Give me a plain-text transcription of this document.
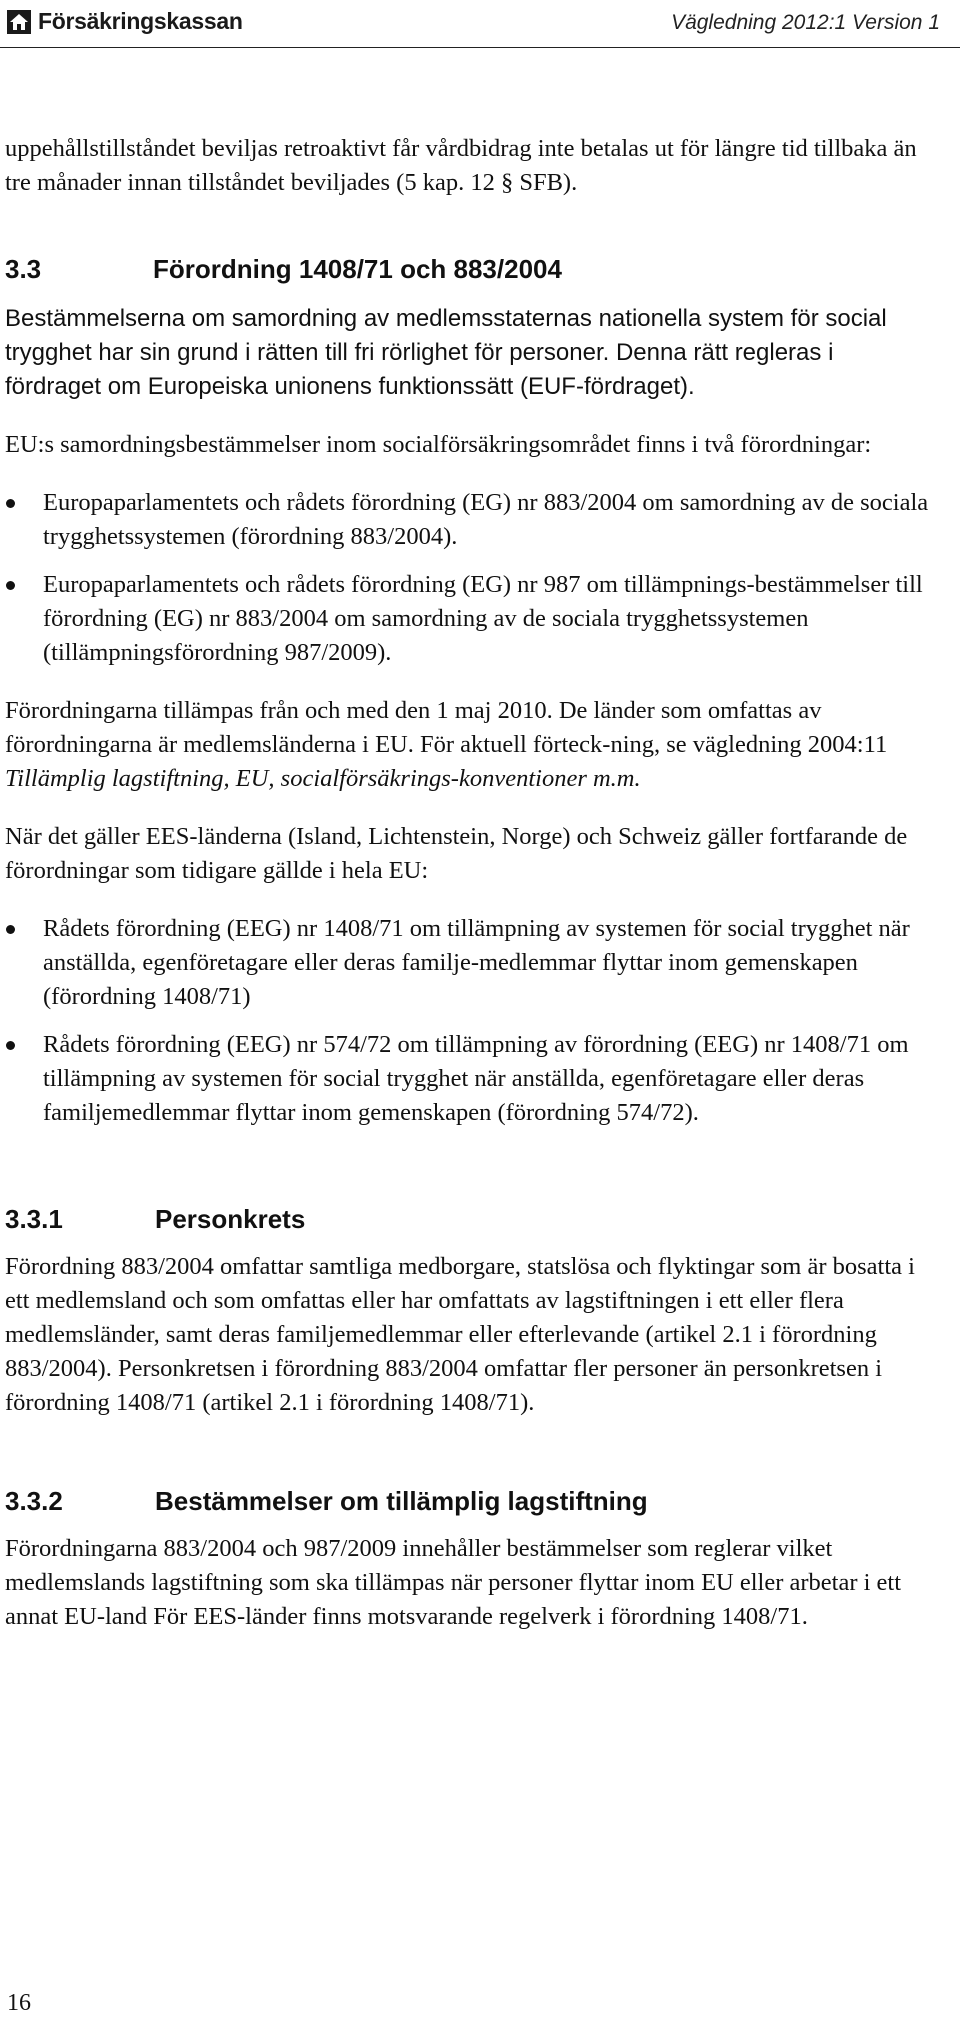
Försäkringskassan	Vägledning 2012:1 Version 1

uppehållstillståndet beviljas retroaktivt får vårdbidrag inte betalas ut för längre tid tillbaka än tre månader innan tillståndet beviljades (5 kap. 12 § SFB).

3.3	Förordning 1408/71 och 883/2004

Bestämmelserna om samordning av medlemsstaternas nationella system för social trygghet har sin grund i rätten till fri rörlighet för personer. Denna rätt regleras i fördraget om Europeiska unionens funktionssätt (EUF-fördraget).

EU:s samordningsbestämmelser inom socialförsäkringsområdet finns i två förordningar:

Europaparlamentets och rådets förordning (EG) nr 883/2004 om samordning av de sociala trygghetssystemen (förordning 883/2004).
Europaparlamentets och rådets förordning (EG) nr 987 om tillämpnings-bestämmelser till förordning (EG) nr 883/2004 om samordning av de sociala trygghetssystemen (tillämpningsförordning 987/2009).

Förordningarna tillämpas från och med den 1 maj 2010. De länder som omfattas av förordningarna är medlemsländerna i EU. För aktuell förteck-ning, se vägledning 2004:11 Tillämplig lagstiftning, EU, socialförsäkrings-konventioner m.m.

När det gäller EES-länderna (Island, Lichtenstein, Norge) och Schweiz gäller fortfarande de förordningar som tidigare gällde i hela EU:

Rådets förordning (EEG) nr 1408/71 om tillämpning av systemen för social trygghet när anställda, egenföretagare eller deras familje-medlemmar flyttar inom gemenskapen (förordning 1408/71)
Rådets förordning (EEG) nr 574/72 om tillämpning av förordning (EEG) nr 1408/71 om tillämpning av systemen för social trygghet när anställda, egenföretagare eller deras familjemedlemmar flyttar inom gemenskapen (förordning 574/72).
3.3.1	Personkrets

Förordning 883/2004 omfattar samtliga medborgare, statslösa och flyktingar som är bosatta i ett medlemsland och som omfattas eller har omfattats av lagstiftningen i ett eller flera medlemsländer, samt deras familjemedlemmar eller efterlevande (artikel 2.1 i förordning 883/2004). Personkretsen i förordning 883/2004 omfattar fler personer än personkretsen i förordning 1408/71 (artikel 2.1 i förordning 1408/71).

3.3.2	Bestämmelser om tillämplig lagstiftning

Förordningarna 883/2004 och 987/2009 innehåller bestämmelser som reglerar vilket medlemslands lagstiftning som ska tillämpas när personer flyttar inom EU eller arbetar i ett annat EU-land För EES-länder finns motsvarande regelverk i förordning 1408/71.

16
